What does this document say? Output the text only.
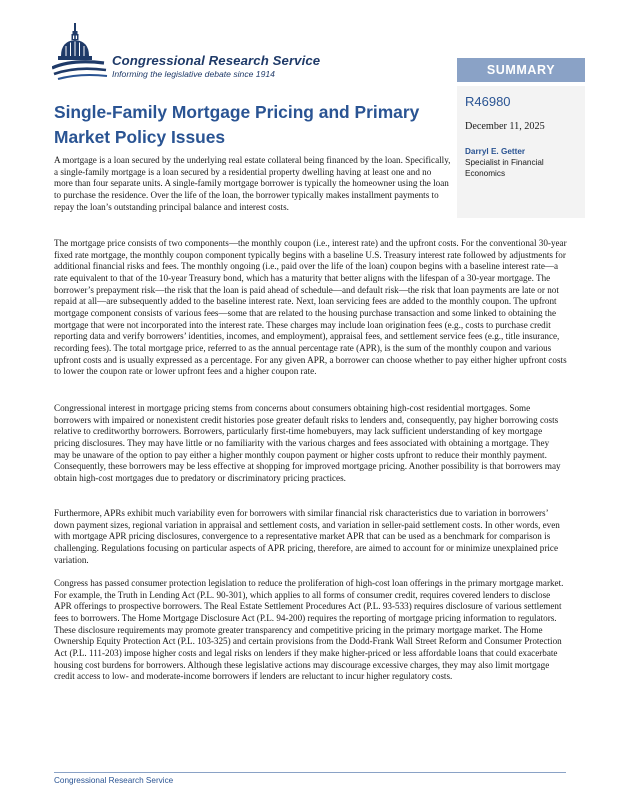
Congressional Research Service
Informing the legislative debate since 1914	SUMMARY
R46980
December 11, 2025
Darryl E. Getter
Specialist in Financial Economics
Single-Family Mortgage Pricing and Primary Market Policy Issues

A mortgage is a loan secured by the underlying real estate collateral being financed by the loan. Specifically, a single-family mortgage is a loan secured by a residential property dwelling having at least one and no more than four separate units. A single-family mortgage borrower is typically the homeowner using the loan to purchase the residence. Over the life of the loan, the borrower typically makes installment payments to repay the loan’s outstanding principal balance and interest costs.

The mortgage price consists of two components—the monthly coupon (i.e., interest rate) and the upfront costs. For the conventional 30-year fixed rate mortgage, the monthly coupon component typically begins with a baseline U.S. Treasury interest rate followed by adjustments for additional financial risks and fees. The monthly ongoing (i.e., paid over the life of the loan) coupon begins with a baseline interest rate—a rate equivalent to that of the 10-year Treasury bond, which has a maturity that better aligns with the lifespan of a 30-year mortgage. The borrower’s prepayment risk—the risk that the loan is paid ahead of schedule—and default risk—the risk that loan payments are late or not repaid at all—are subsequently added to the baseline interest rate. Next, loan servicing fees are added to the monthly coupon. The upfront mortgage component consists of various fees—some that are related to the housing purchase transaction and some linked to obtaining the mortgage that were not incorporated into the interest rate. These charges may include loan origination fees (e.g., costs to purchase credit reporting data and verify borrowers’ identities, incomes, and employment), appraisal fees, and settlement service fees (e.g., title insurance, recording fees). The total mortgage price, referred to as the annual percentage rate (APR), is the sum of the monthly coupon and various upfront costs and is usually expressed as a percentage. For any given APR, a borrower can choose whether to pay either higher upfront costs to lower the coupon rate or lower upfront fees and a higher coupon rate.

Congressional interest in mortgage pricing stems from concerns about consumers obtaining high-cost residential mortgages. Some borrowers with impaired or nonexistent credit histories pose greater default risks to lenders and, consequently, pay higher borrowing costs relative to creditworthy borrowers. Borrowers, particularly first-time homebuyers, may lack sufficient understanding of key mortgage pricing disclosures. They may have little or no familiarity with the various charges and fees associated with obtaining a mortgage. They may be unaware of the option to pay either a higher monthly coupon payment or higher costs upfront to reduce their monthly payment. Consequently, these borrowers may be less effective at shopping for improved mortgage pricing. Another possibility is that borrowers may obtain high-cost mortgages due to predatory or discriminatory pricing practices.

Furthermore, APRs exhibit much variability even for borrowers with similar financial risk characteristics due to variation in borrowers’ down payment sizes, regional variation in appraisal and settlement costs, and variation in seller-paid settlement costs. In other words, even with mortgage APR pricing disclosures, convergence to a representative market APR that can be used as a benchmark for comparison is challenging. Regulations focusing on particular aspects of APR pricing, therefore, are aimed to account for or minimize unexplained price variation.

Congress has passed consumer protection legislation to reduce the proliferation of high-cost loan offerings in the primary mortgage market. For example, the Truth in Lending Act (P.L. 90-301), which applies to all forms of consumer credit, requires covered lenders to disclose APR offerings to prospective borrowers. The Real Estate Settlement Procedures Act (P.L. 93-533) requires disclosure of various settlement fees to borrowers. The Home Mortgage Disclosure Act (P.L. 94-200) requires the reporting of mortgage pricing information to regulators. These disclosure requirements may promote greater transparency and competitive pricing in the primary mortgage market. The Home Ownership Equity Protection Act (P.L. 103-325) and certain provisions from the Dodd-Frank Wall Street Reform and Consumer Protection Act (P.L. 111-203) impose higher costs and legal risks on lenders if they make higher-priced or less affordable loans that could exacerbate housing cost burdens for borrowers. Although these legislative actions may discourage excessive charges, they may also limit mortgage credit access to low- and moderate-income borrowers if lenders are reluctant to incur higher regulatory costs.

Congressional Research Service
